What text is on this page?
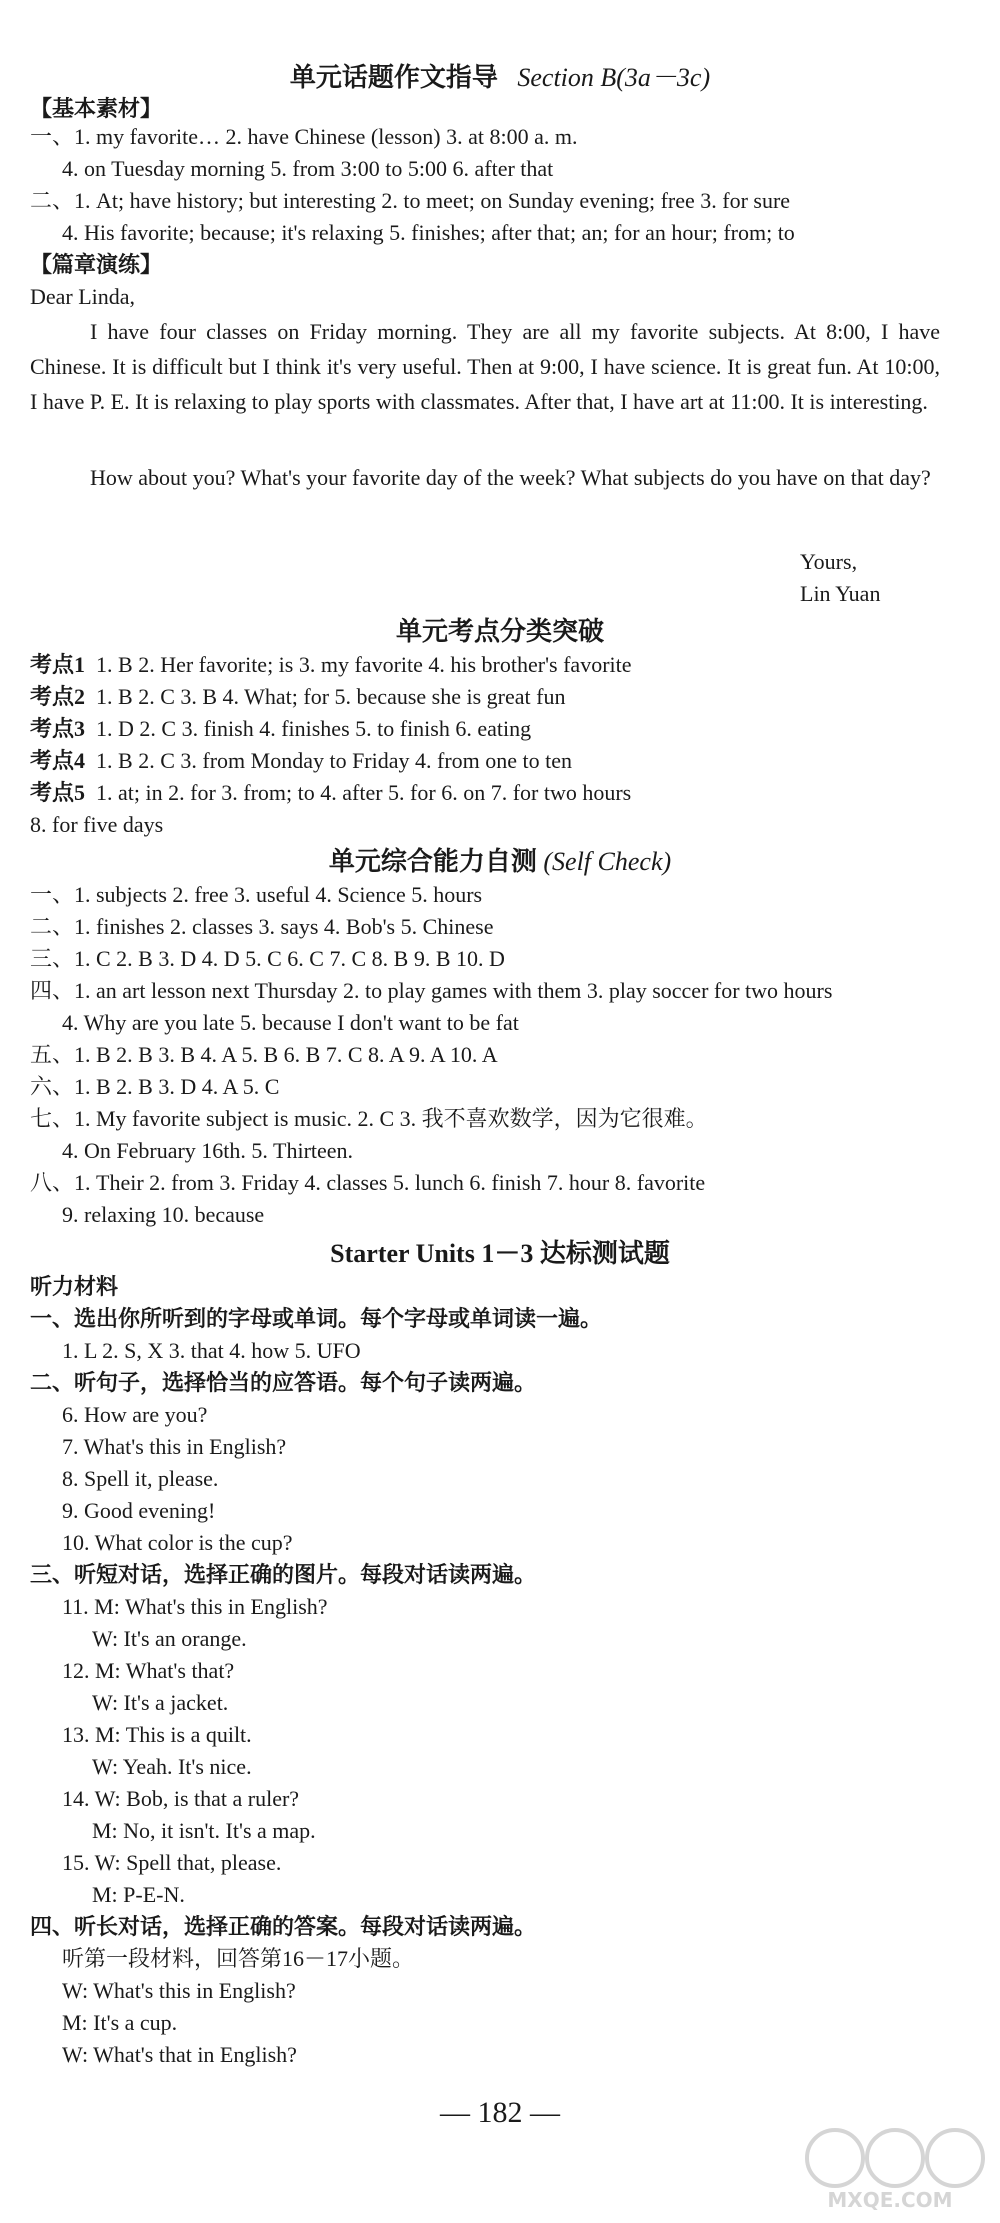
单元话题作文指导 Section B(3a－3c)
【基本素材】
一、1. my favorite… 2. have Chinese (lesson) 3. at 8:00 a. m.
4. on Tuesday morning 5. from 3:00 to 5:00 6. after that
二、1. At; have history; but interesting 2. to meet; on Sunday evening; free 3. for sure
4. His favorite; because; it's relaxing 5. finishes; after that; an; for an hour; from; to
【篇章演练】
Dear Linda,
I have four classes on Friday morning. They are all my favorite subjects. At 8:00, I have Chinese. It is difficult but I think it's very useful. Then at 9:00, I have science. It is great fun. At 10:00, I have P. E. It is relaxing to play sports with classmates. After that, I have art at 11:00. It is interesting.
How about you? What's your favorite day of the week? What subjects do you have on that day?
Yours,
Lin Yuan
单元考点分类突破
考点1 1. B 2. Her favorite; is 3. my favorite 4. his brother's favorite
考点2 1. B 2. C 3. B 4. What; for 5. because she is great fun
考点3 1. D 2. C 3. finish 4. finishes 5. to finish 6. eating
考点4 1. B 2. C 3. from Monday to Friday 4. from one to ten
考点5 1. at; in 2. for 3. from; to 4. after 5. for 6. on 7. for two hours
8. for five days
单元综合能力自测 (Self Check)
一、1. subjects 2. free 3. useful 4. Science 5. hours
二、1. finishes 2. classes 3. says 4. Bob's 5. Chinese
三、1. C 2. B 3. D 4. D 5. C 6. C 7. C 8. B 9. B 10. D
四、1. an art lesson next Thursday 2. to play games with them 3. play soccer for two hours
4. Why are you late 5. because I don't want to be fat
五、1. B 2. B 3. B 4. A 5. B 6. B 7. C 8. A 9. A 10. A
六、1. B 2. B 3. D 4. A 5. C
七、1. My favorite subject is music. 2. C 3. 我不喜欢数学，因为它很难。
4. On February 16th. 5. Thirteen.
八、1. Their 2. from 3. Friday 4. classes 5. lunch 6. finish 7. hour 8. favorite
9. relaxing 10. because
Starter Units 1－3 达标测试题
听力材料
一、选出你所听到的字母或单词。每个字母或单词读一遍。
1. L 2. S, X 3. that 4. how 5. UFO
二、听句子，选择恰当的应答语。每个句子读两遍。
6. How are you?
7. What's this in English?
8. Spell it, please.
9. Good evening!
10. What color is the cup?
三、听短对话，选择正确的图片。每段对话读两遍。
11. M: What's this in English?
W: It's an orange.
12. M: What's that?
W: It's a jacket.
13. M: This is a quilt.
W: Yeah. It's nice.
14. W: Bob, is that a ruler?
M: No, it isn't. It's a map.
15. W: Spell that, please.
M: P-E-N.
四、听长对话，选择正确的答案。每段对话读两遍。
听第一段材料，回答第16－17小题。
W: What's this in English?
M: It's a cup.
W: What's that in English?
— 182 —
MXQE.COM
